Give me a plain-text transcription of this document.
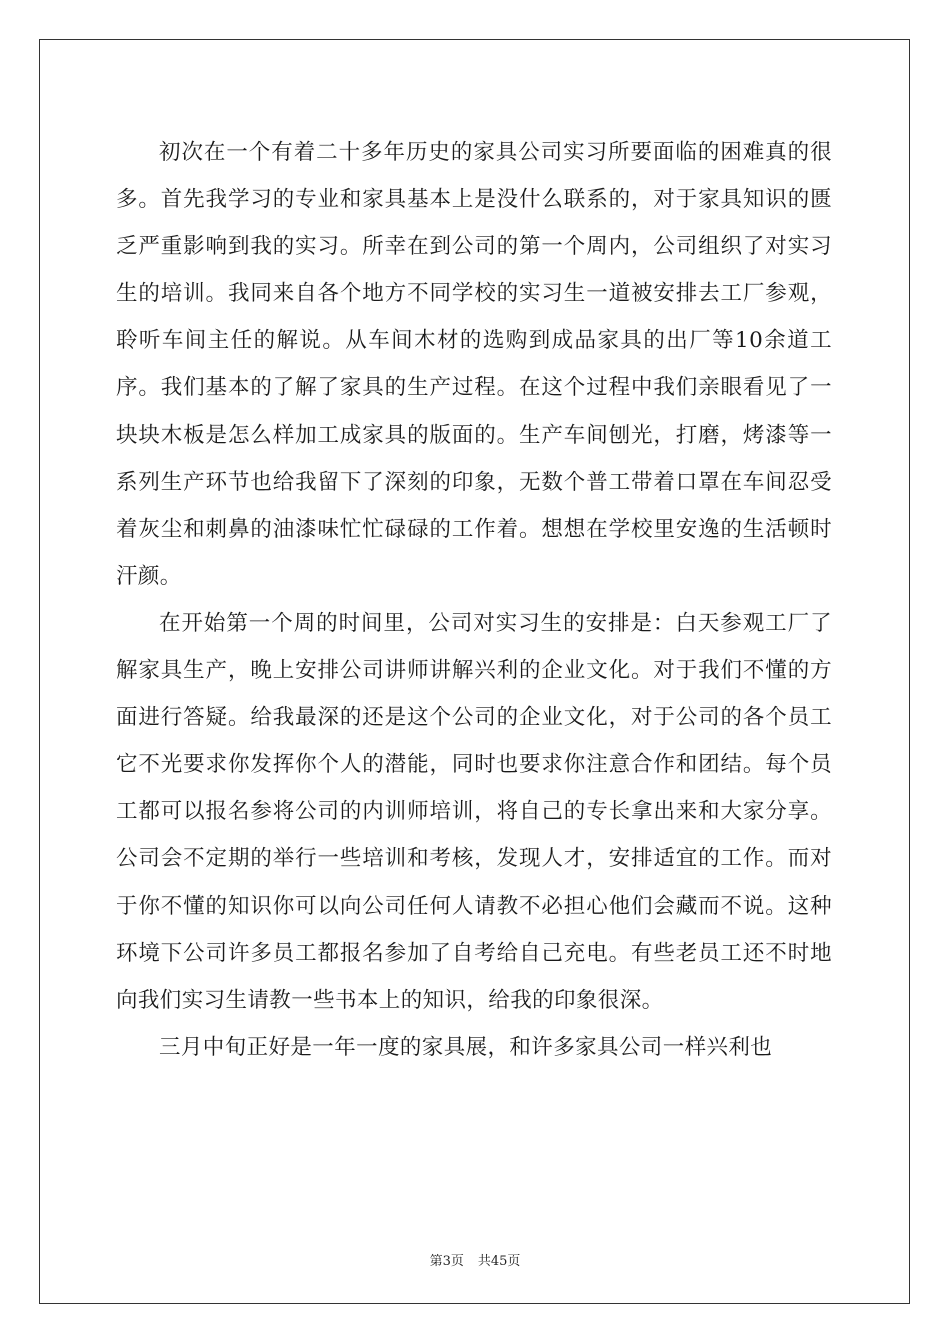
初次在一个有着二十多年历史的家具公司实习所要面临的困难真的很多。首先我学习的专业和家具基本上是没什么联系的，对于家具知识的匮乏严重影响到我的实习。所幸在到公司的第一个周内，公司组织了对实习生的培训。我同来自各个地方不同学校的实习生一道被安排去工厂参观，聆听车间主任的解说。从车间木材的选购到成品家具的出厂等10余道工序。我们基本的了解了家具的生产过程。在这个过程中我们亲眼看见了一块块木板是怎么样加工成家具的版面的。生产车间刨光，打磨，烤漆等一系列生产环节也给我留下了深刻的印象，无数个普工带着口罩在车间忍受着灰尘和刺鼻的油漆味忙忙碌碌的工作着。想想在学校里安逸的生活顿时汗颜。

在开始第一个周的时间里，公司对实习生的安排是：白天参观工厂了解家具生产，晚上安排公司讲师讲解兴利的企业文化。对于我们不懂的方面进行答疑。给我最深的还是这个公司的企业文化，对于公司的各个员工它不光要求你发挥你个人的潜能，同时也要求你注意合作和团结。每个员工都可以报名参将公司的内训师培训，将自己的专长拿出来和大家分享。公司会不定期的举行一些培训和考核，发现人才，安排适宜的工作。而对于你不懂的知识你可以向公司任何人请教不必担心他们会藏而不说。这种环境下公司许多员工都报名参加了自考给自己充电。有些老员工还不时地向我们实习生请教一些书本上的知识，给我的印象很深。

三月中旬正好是一年一度的家具展，和许多家具公司一样兴利也

第3页 共45页
